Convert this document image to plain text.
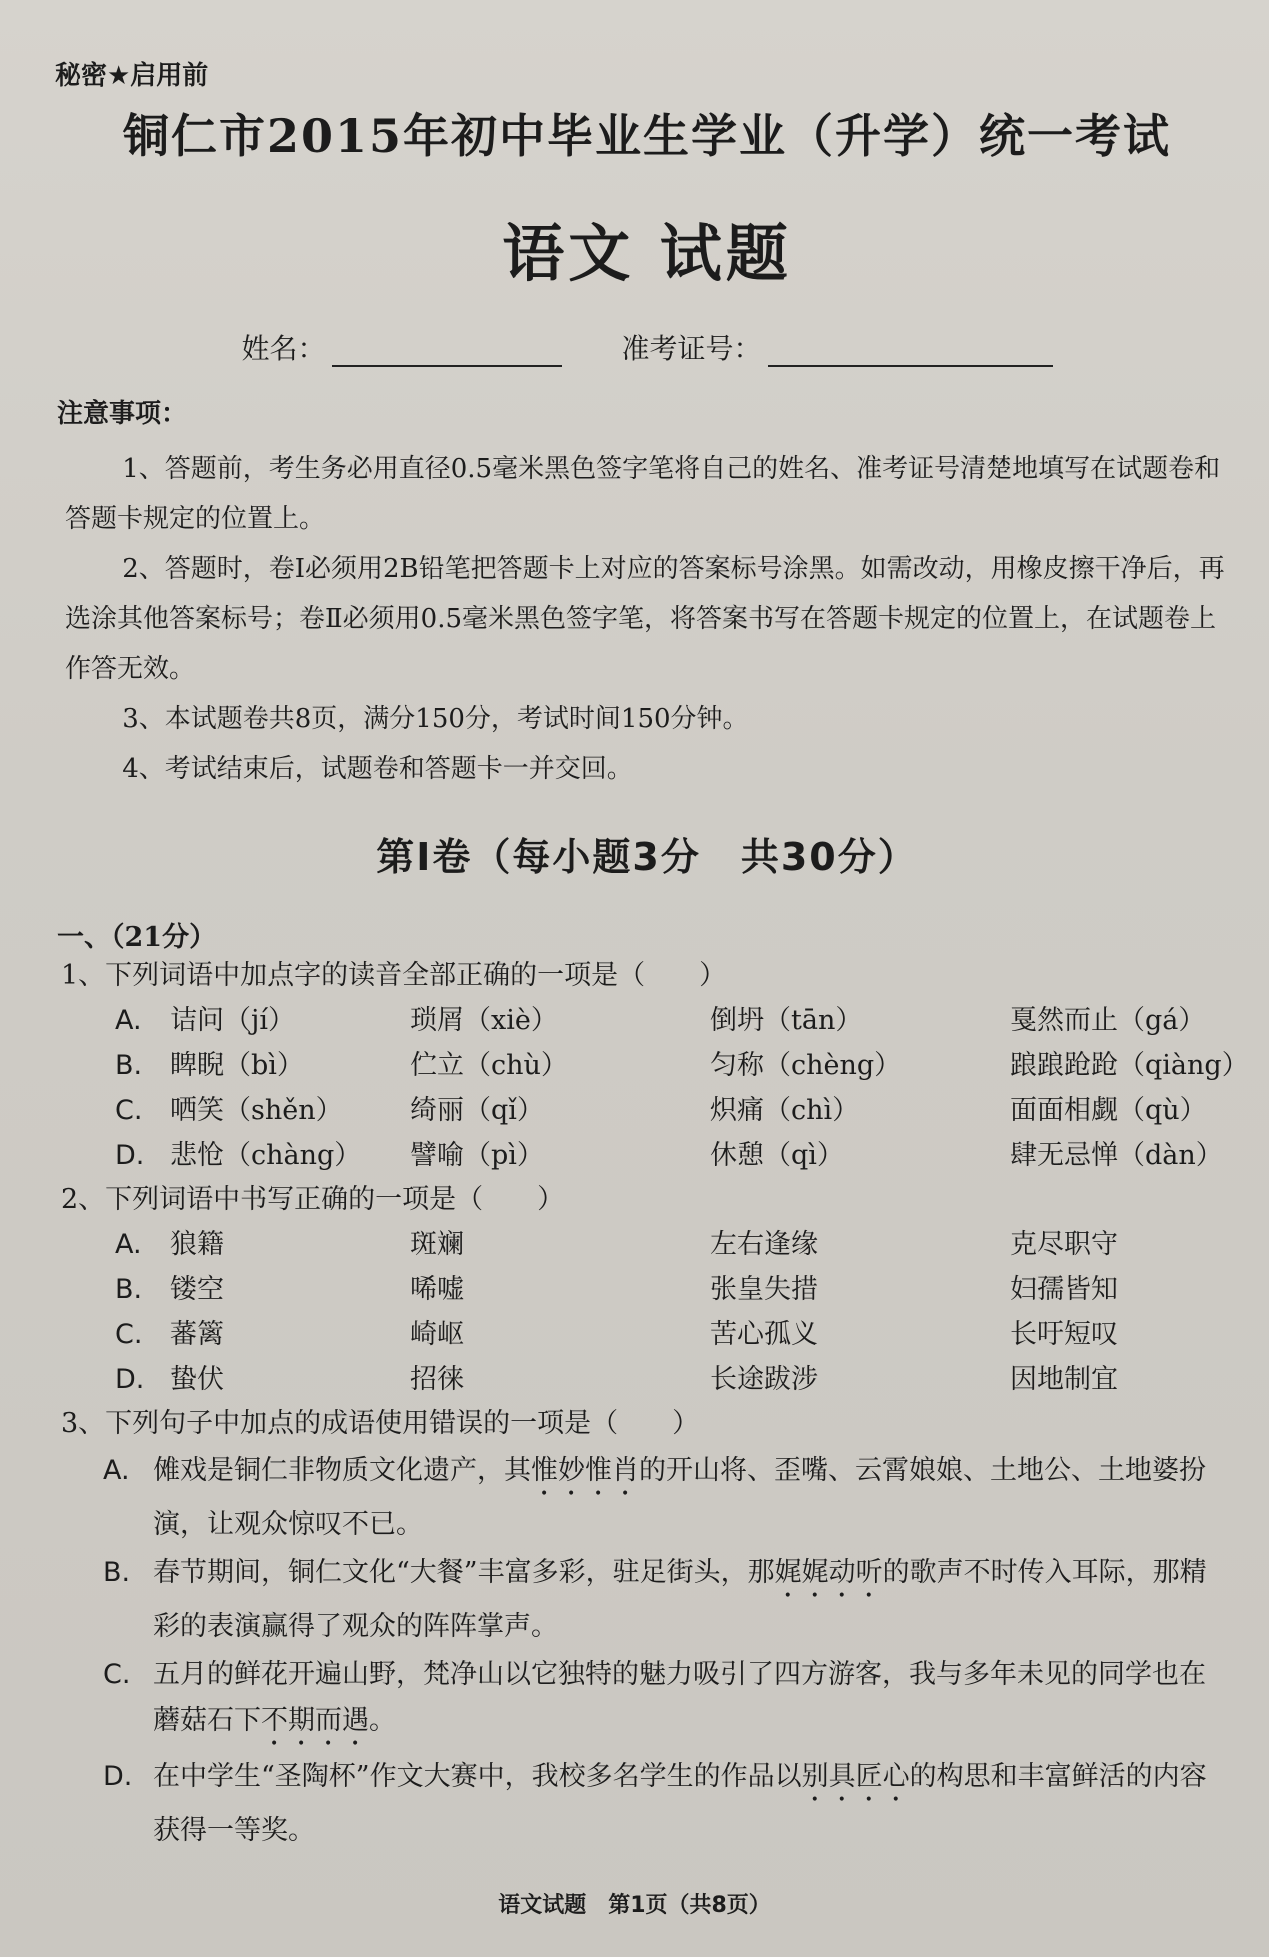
秘密★启用前
铜仁市2015年初中毕业生学业（升学）统一考试
语文 试题
姓名：	准考证号：
注意事项：

1、答题前，考生务必用直径0.5毫米黑色签字笔将自己的姓名、准考证号清楚地填写在试题卷和答题卡规定的位置上。

2、答题时，卷Ⅰ必须用2B铅笔把答题卡上对应的答案标号涂黑。如需改动，用橡皮擦干净后，再选涂其他答案标号；卷Ⅱ必须用0.5毫米黑色签字笔，将答案书写在答题卡规定的位置上，在试题卷上作答无效。

3、本试题卷共8页，满分150分，考试时间150分钟。

4、考试结束后，试题卷和答题卡一并交回。

第Ⅰ卷（每小题3分　共30分）
一、（21分）
1、下列词语中加点字的读音全部正确的一项是（　　）
A.	诘问（jí）	琐屑（xiè）	倒坍（tān）	戛然而止（gá）
B.	睥睨（bì）	伫立（chù）	匀称（chèng）	踉踉跄跄（qiàng）
C.	哂笑（shěn）	绮丽（qǐ）	炽痛（chì）	面面相觑（qù）
D. 悲怆（chàng）	譬喻（pì）	休憩（qì）	肆无忌惮（dàn）
2、下列词语中书写正确的一项是（　　）
A.	狼籍	斑斓	左右逢缘	克尽职守
B.	镂空	唏嘘	张皇失措	妇孺皆知
C.	蕃篱	崎岖	苦心孤义	长吁短叹
D. 蛰伏	招徕	长途跋涉	因地制宜
3、下列句子中加点的成语使用错误的一项是（　　）
A. 傩戏是铜仁非物质文化遗产，其惟妙惟肖的开山将、歪嘴、云霄娘娘、土地公、土地婆扮演，让观众惊叹不已。
B. 春节期间，铜仁文化“大餐”丰富多彩，驻足街头，那娓娓动听的歌声不时传入耳际，那精彩的表演赢得了观众的阵阵掌声。
C. 五月的鲜花开遍山野，梵净山以它独特的魅力吸引了四方游客，我与多年未见的同学也在蘑菇石下不期而遇。
D. 在中学生“圣陶杯”作文大赛中，我校多名学生的作品以别具匠心的构思和丰富鲜活的内容获得一等奖。
语文试题　第1页（共8页）
